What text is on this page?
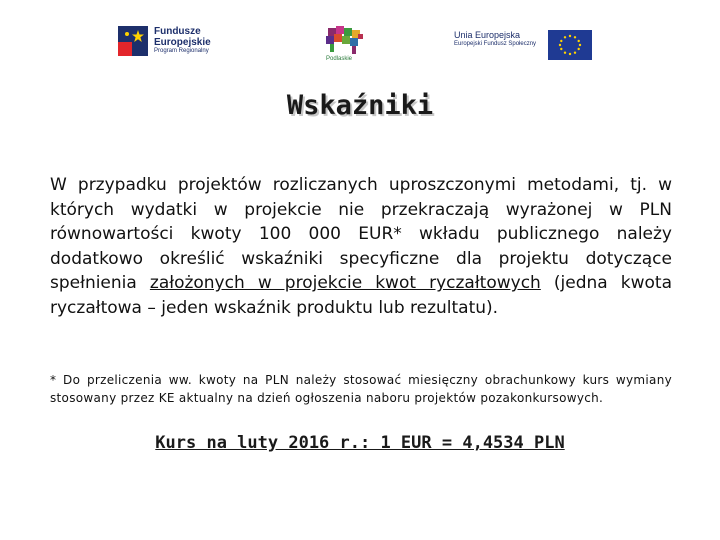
Fundusze
Europejskie
Program Regionalny
Podlaskie
Unia Europejska
Europejski Fundusz Społeczny
Wskaźniki
W przypadku projektów rozliczanych uproszczonymi metodami, tj. w których wydatki w projekcie nie przekraczają wyrażonej w PLN równowartości kwoty 100 000 EUR* wkładu publicznego należy dodatkowo określić wskaźniki specyficzne dla projektu dotyczące spełnienia założonych w projekcie kwot ryczałtowych (jedna kwota ryczałtowa – jeden wskaźnik produktu lub rezultatu).
* Do przeliczenia ww. kwoty na PLN należy stosować miesięczny obrachunkowy kurs wymiany stosowany przez KE aktualny na dzień ogłoszenia naboru projektów pozakonkursowych.
Kurs na luty 2016 r.: 1 EUR = 4,4534 PLN
